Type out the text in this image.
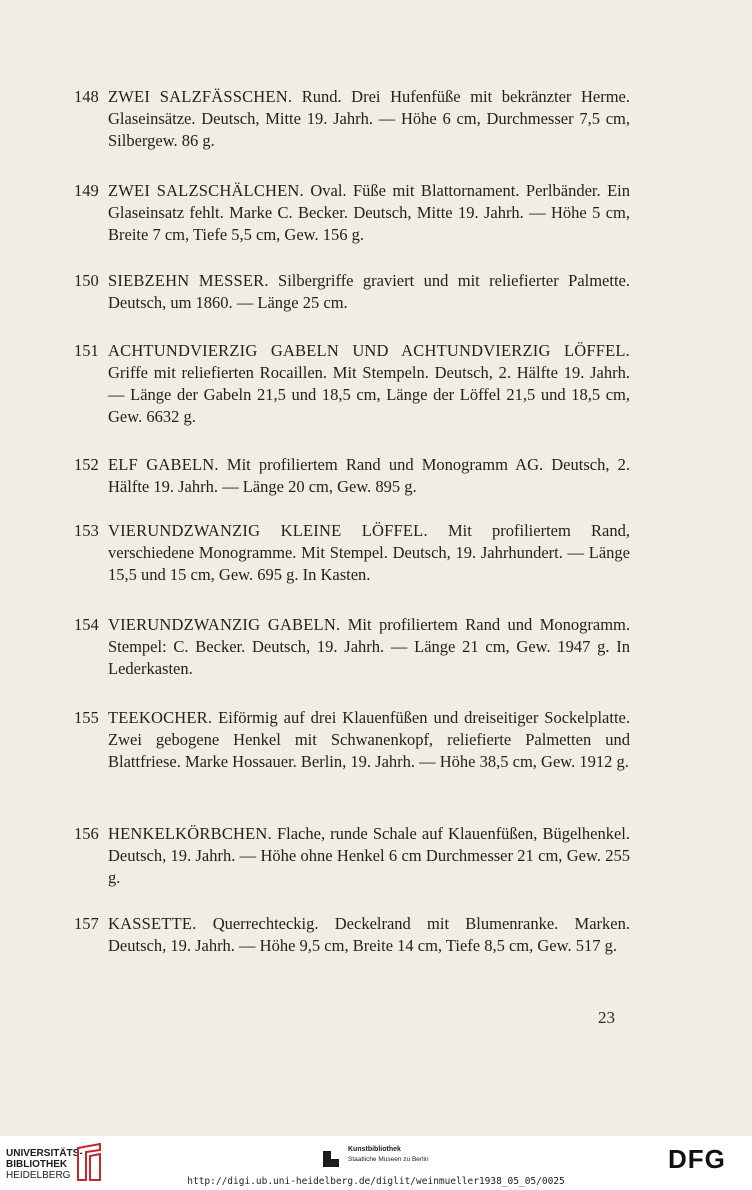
148 ZWEI SALZFÄSSCHEN. Rund. Drei Hufenfüße mit bekränzter Herme. Glaseinsätze. Deutsch, Mitte 19. Jahrh. — Höhe 6 cm, Durchmesser 7,5 cm, Silbergew. 86 g.
149 ZWEI SALZSCHÄLCHEN. Oval. Füße mit Blattornament. Perlbänder. Ein Glaseinsatz fehlt. Marke C. Becker. Deutsch, Mitte 19. Jahrh. — Höhe 5 cm, Breite 7 cm, Tiefe 5,5 cm, Gew. 156 g.
150 SIEBZEHN MESSER. Silbergriffe graviert und mit reliefierter Palmette. Deutsch, um 1860. — Länge 25 cm.
151 ACHTUNDVIERZIG GABELN UND ACHTUNDVIERZIG LÖFFEL. Griffe mit reliefierten Rocaillen. Mit Stempeln. Deutsch, 2. Hälfte 19. Jahrh. — Länge der Gabeln 21,5 und 18,5 cm, Länge der Löffel 21,5 und 18,5 cm, Gew. 6632 g.
152 ELF GABELN. Mit profiliertem Rand und Monogramm AG. Deutsch, 2. Hälfte 19. Jahrh. — Länge 20 cm, Gew. 895 g.
153 VIERUNDZWANZIG KLEINE LÖFFEL. Mit profiliertem Rand, verschiedene Monogramme. Mit Stempel. Deutsch, 19. Jahrhundert. — Länge 15,5 und 15 cm, Gew. 695 g. In Kasten.
154 VIERUNDZWANZIG GABELN. Mit profiliertem Rand und Monogramm. Stempel: C. Becker. Deutsch, 19. Jahrh. — Länge 21 cm, Gew. 1947 g. In Lederkasten.
155 TEEKOCHER. Eiförmig auf drei Klauenfüßen und dreiseitiger Sockelplatte. Zwei gebogene Henkel mit Schwanenkopf, reliefierte Palmetten und Blattfriese. Marke Hossauer. Berlin, 19. Jahrh. — Höhe 38,5 cm, Gew. 1912 g.
156 HENKELKÖRBCHEN. Flache, runde Schale auf Klauenfüßen, Bügelhenkel. Deutsch, 19. Jahrh. — Höhe ohne Henkel 6 cm Durchmesser 21 cm, Gew. 255 g.
157 KASSETTE. Querrechteckig. Deckelrand mit Blumenranke. Marken. Deutsch, 19. Jahrh. — Höhe 9,5 cm, Breite 14 cm, Tiefe 8,5 cm, Gew. 517 g.
23
UNIVERSITÄTS-
BIBLIOTHEK
HEIDELBERG
Kunstbibliothek
Staatliche Museen zu Berlin
http://digi.ub.uni-heidelberg.de/diglit/weinmueller1938_05_05/0025
DFG
